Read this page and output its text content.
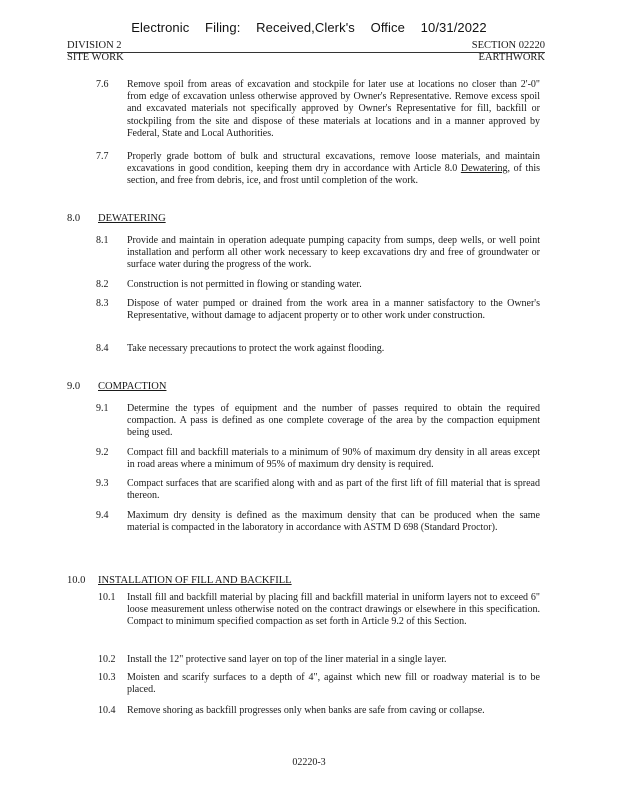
Electronic Filing: Received,Clerk's Office 10/31/2022
DIVISION 2
SITE WORK
SECTION 02220
EARTHWORK
7.6 Remove spoil from areas of excavation and stockpile for later use at locations no closer than 2'-0" from edge of excavation unless otherwise approved by Owner's Representative. Remove excess spoil and excavated materials not specifically approved by Owner's Representative for fill, backfill or stockpiling from the site and dispose of these materials at locations and in a manner approved by Federal, State and Local Authorities.
7.7 Properly grade bottom of bulk and structural excavations, remove loose materials, and maintain excavations in good condition, keeping them dry in accordance with Article 8.0 Dewatering, of this section, and free from debris, ice, and frost until completion of the work.
8.0 DEWATERING
8.1 Provide and maintain in operation adequate pumping capacity from sumps, deep wells, or well point installation and perform all other work necessary to keep excavations dry and free of groundwater or surface water during the progress of the work.
8.2 Construction is not permitted in flowing or standing water.
8.3 Dispose of water pumped or drained from the work area in a manner satisfactory to the Owner's Representative, without damage to adjacent property or to other work under construction.
8.4 Take necessary precautions to protect the work against flooding.
9.0 COMPACTION
9.1 Determine the types of equipment and the number of passes required to obtain the required compaction. A pass is defined as one complete coverage of the area by the compaction equipment being used.
9.2 Compact fill and backfill materials to a minimum of 90% of maximum dry density in all areas except in road areas where a minimum of 95% of maximum dry density is required.
9.3 Compact surfaces that are scarified along with and as part of the first lift of fill material that is spread thereon.
9.4 Maximum dry density is defined as the maximum density that can be produced when the same material is compacted in the laboratory in accordance with ASTM D 698 (Standard Proctor).
10.0 INSTALLATION OF FILL AND BACKFILL
10.1 Install fill and backfill material by placing fill and backfill material in uniform layers not to exceed 6" loose measurement unless otherwise noted on the contract drawings or elsewhere in this specification. Compact to minimum specified compaction as set forth in Article 9.2 of this Section.
10.2 Install the 12" protective sand layer on top of the liner material in a single layer.
10.3 Moisten and scarify surfaces to a depth of 4", against which new fill or roadway material is to be placed.
10.4 Remove shoring as backfill progresses only when banks are safe from caving or collapse.
02220-3
